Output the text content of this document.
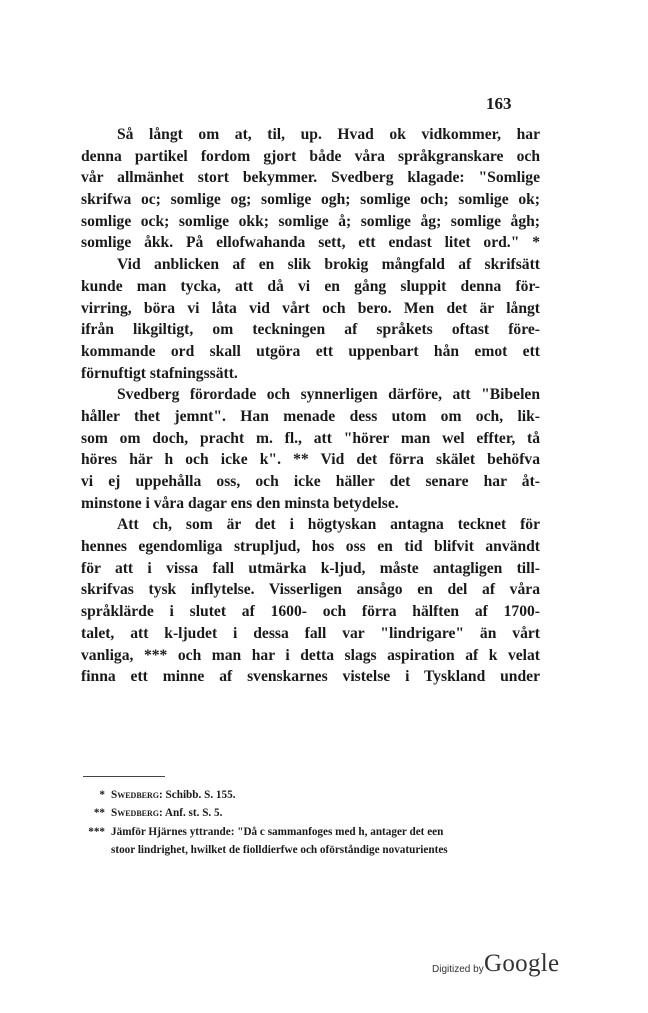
163
Så långt om at, til, up. Hvad ok vidkommer, har
denna partikel fordom gjort både våra språkgranskare och
vår allmänhet stort bekymmer. Svedberg klagade: "Somlige
skrifwa oc; somlige og; somlige ogh; somlige och; somlige ok;
somlige ock; somlige okk; somlige å; somlige åg; somlige ågh;
somlige åkk. På ellofwahanda sett, ett endast litet ord." *
Vid anblicken af en slik brokig mångfald af skrifsätt
kunde man tycka, att då vi en gång sluppit denna för-
virring, böra vi låta vid vårt och bero. Men det är långt
ifrån likgiltigt, om teckningen af språkets oftast före-
kommande ord skall utgöra ett uppenbart hån emot ett
förnuftigt stafningssätt.
Svedberg förordade och synnerligen därföre, att "Bibelen
håller thet jemnt". Han menade dess utom om och, lik-
som om doch, pracht m. fl., att "hörer man wel effter, tå
höres här h och icke k". ** Vid det förra skälet behöfva
vi ej uppehålla oss, och icke häller det senare har åt-
minstone i våra dagar ens den minsta betydelse.
Att ch, som är det i högtyskan antagna tecknet för
hennes egendomliga strupljud, hos oss en tid blifvit användt
för att i vissa fall utmärka k-ljud, måste antagligen till-
skrifvas tysk inflytelse. Visserligen ansågo en del af våra
språklärde i slutet af 1600- och förra hälften af 1700-
talet, att k-ljudet i dessa fall var "lindrigare" än vårt
vanliga, *** och man har i detta slags aspiration af k velat
finna ett minne af svenskarnes vistelse i Tyskland under
* Swedberg: Schibb. S. 155.
** Swedberg: Anf. st. S. 5.
*** Jämför Hjärnes yttrande: "Då c sammanfoges med h, antager det een
stoor lindrighet, hwilket de fiolldierfwe och oförståndige novaturientes
Digitized by Google
